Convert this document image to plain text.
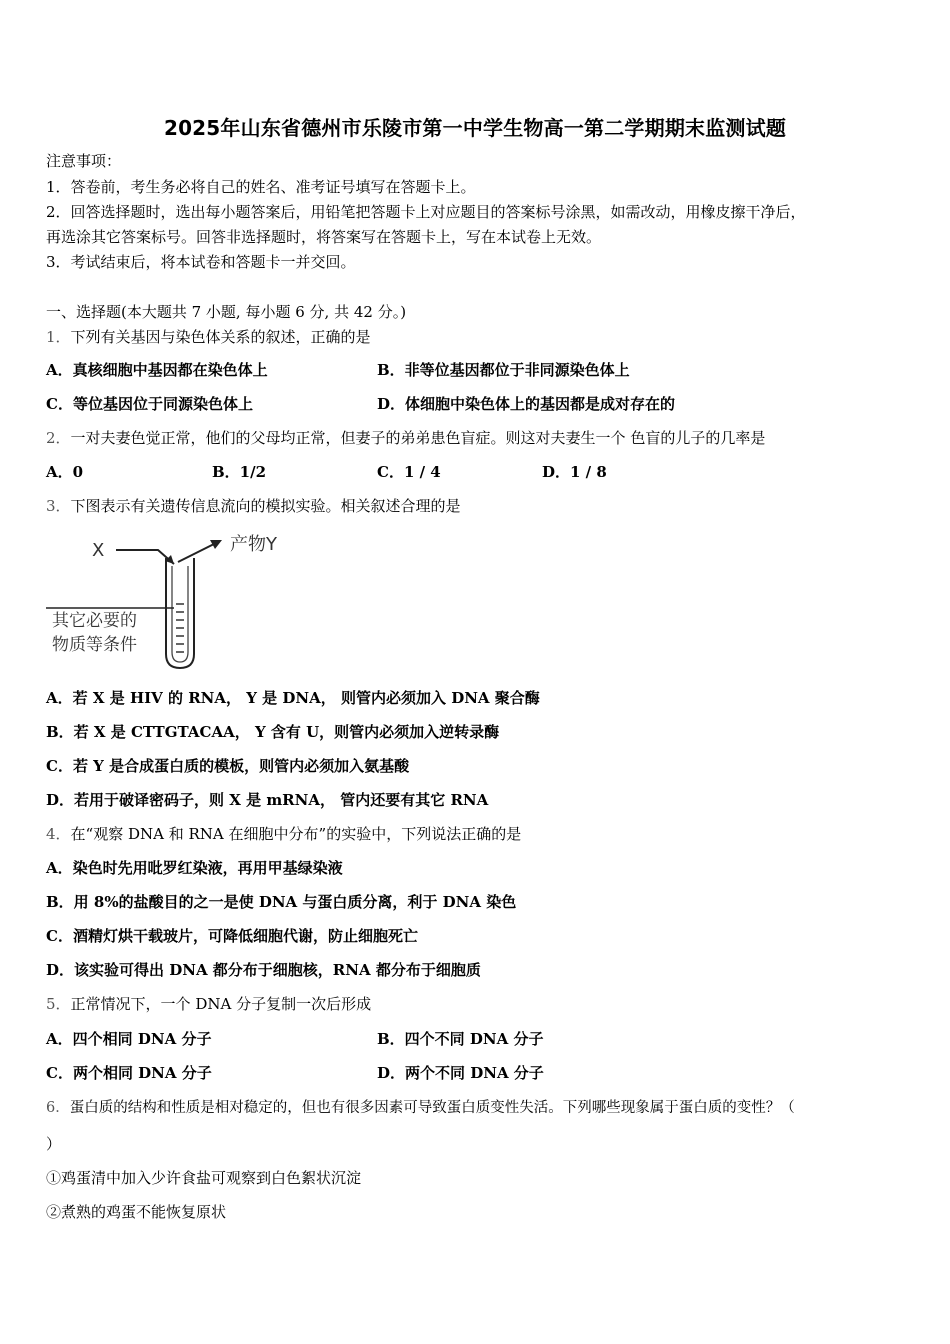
2025年山东省德州市乐陵市第一中学生物高一第二学期期末监测试题
注意事项：
1．答卷前，考生务必将自己的姓名、准考证号填写在答题卡上。
2．回答选择题时，选出每小题答案后，用铅笔把答题卡上对应题目的答案标号涂黑，如需改动，用橡皮擦干净后，
再选涂其它答案标号。回答非选择题时，将答案写在答题卡上，写在本试卷上无效。
3．考试结束后，将本试卷和答题卡一并交回。
一、选择题(本大题共 7 小题, 每小题 6 分, 共 42 分。)
1．下列有关基因与染色体关系的叙述，正确的是
A．真核细胞中基因都在染色体上	B．非等位基因都位于非同源染色体上
C．等位基因位于同源染色体上	D．体细胞中染色体上的基因都是成对存在的
2．一对夫妻色觉正常，他们的父母均正常，但妻子的弟弟患色盲症。则这对夫妻生一个 色盲的儿子的几率是
A．0	B．1/2	C．1 / 4	D．1 / 8
3．下图表示有关遗传信息流向的模拟实验。相关叙述合理的是
X	产物Y
其它必要的
物质等条件
A．若 X 是 HIV 的 RNA， Y 是 DNA， 则管内必须加入 DNA 聚合酶
B．若 X 是 CTTGTACAA， Y 含有 U，则管内必须加入逆转录酶
C．若 Y 是合成蛋白质的模板，则管内必须加入氨基酸
D．若用于破译密码子，则 X 是 mRNA， 管内还要有其它 RNA
4．在“观察 DNA 和 RNA 在细胞中分布”的实验中，下列说法正确的是
A．染色时先用吡罗红染液，再用甲基绿染液
B．用 8%的盐酸目的之一是使 DNA 与蛋白质分离，利于 DNA 染色
C．酒精灯烘干载玻片，可降低细胞代谢，防止细胞死亡
D．该实验可得出 DNA 都分布于细胞核，RNA 都分布于细胞质
5．正常情况下，一个 DNA 分子复制一次后形成
A．四个相同 DNA 分子	B．四个不同 DNA 分子
C．两个相同 DNA 分子	D．两个不同 DNA 分子
6．蛋白质的结构和性质是相对稳定的，但也有很多因素可导致蛋白质变性失活。下列哪些现象属于蛋白质的变性？（
）
①鸡蛋清中加入少许食盐可观察到白色絮状沉淀
②煮熟的鸡蛋不能恢复原状
